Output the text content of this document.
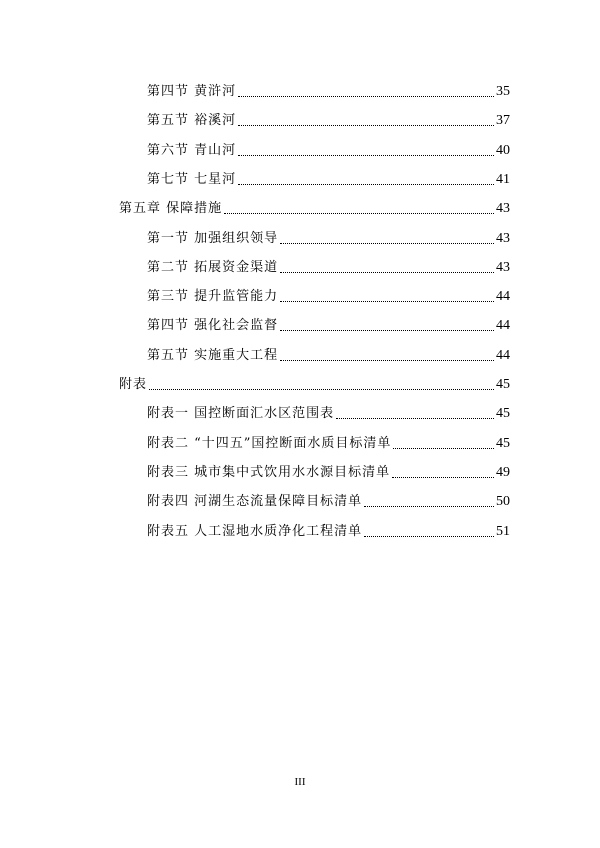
第四节 黄浒河	35
第五节 裕溪河	37
第六节 青山河	40
第七节 七星河	41
第五章 保障措施	43
第一节 加强组织领导	43
第二节 拓展资金渠道	43
第三节 提升监管能力	44
第四节 强化社会监督	44
第五节 实施重大工程	44
附表	45
附表一 国控断面汇水区范围表	45
附表二 “十四五”国控断面水质目标清单	45
附表三 城市集中式饮用水水源目标清单	49
附表四 河湖生态流量保障目标清单	50
附表五 人工湿地水质净化工程清单	51
III
